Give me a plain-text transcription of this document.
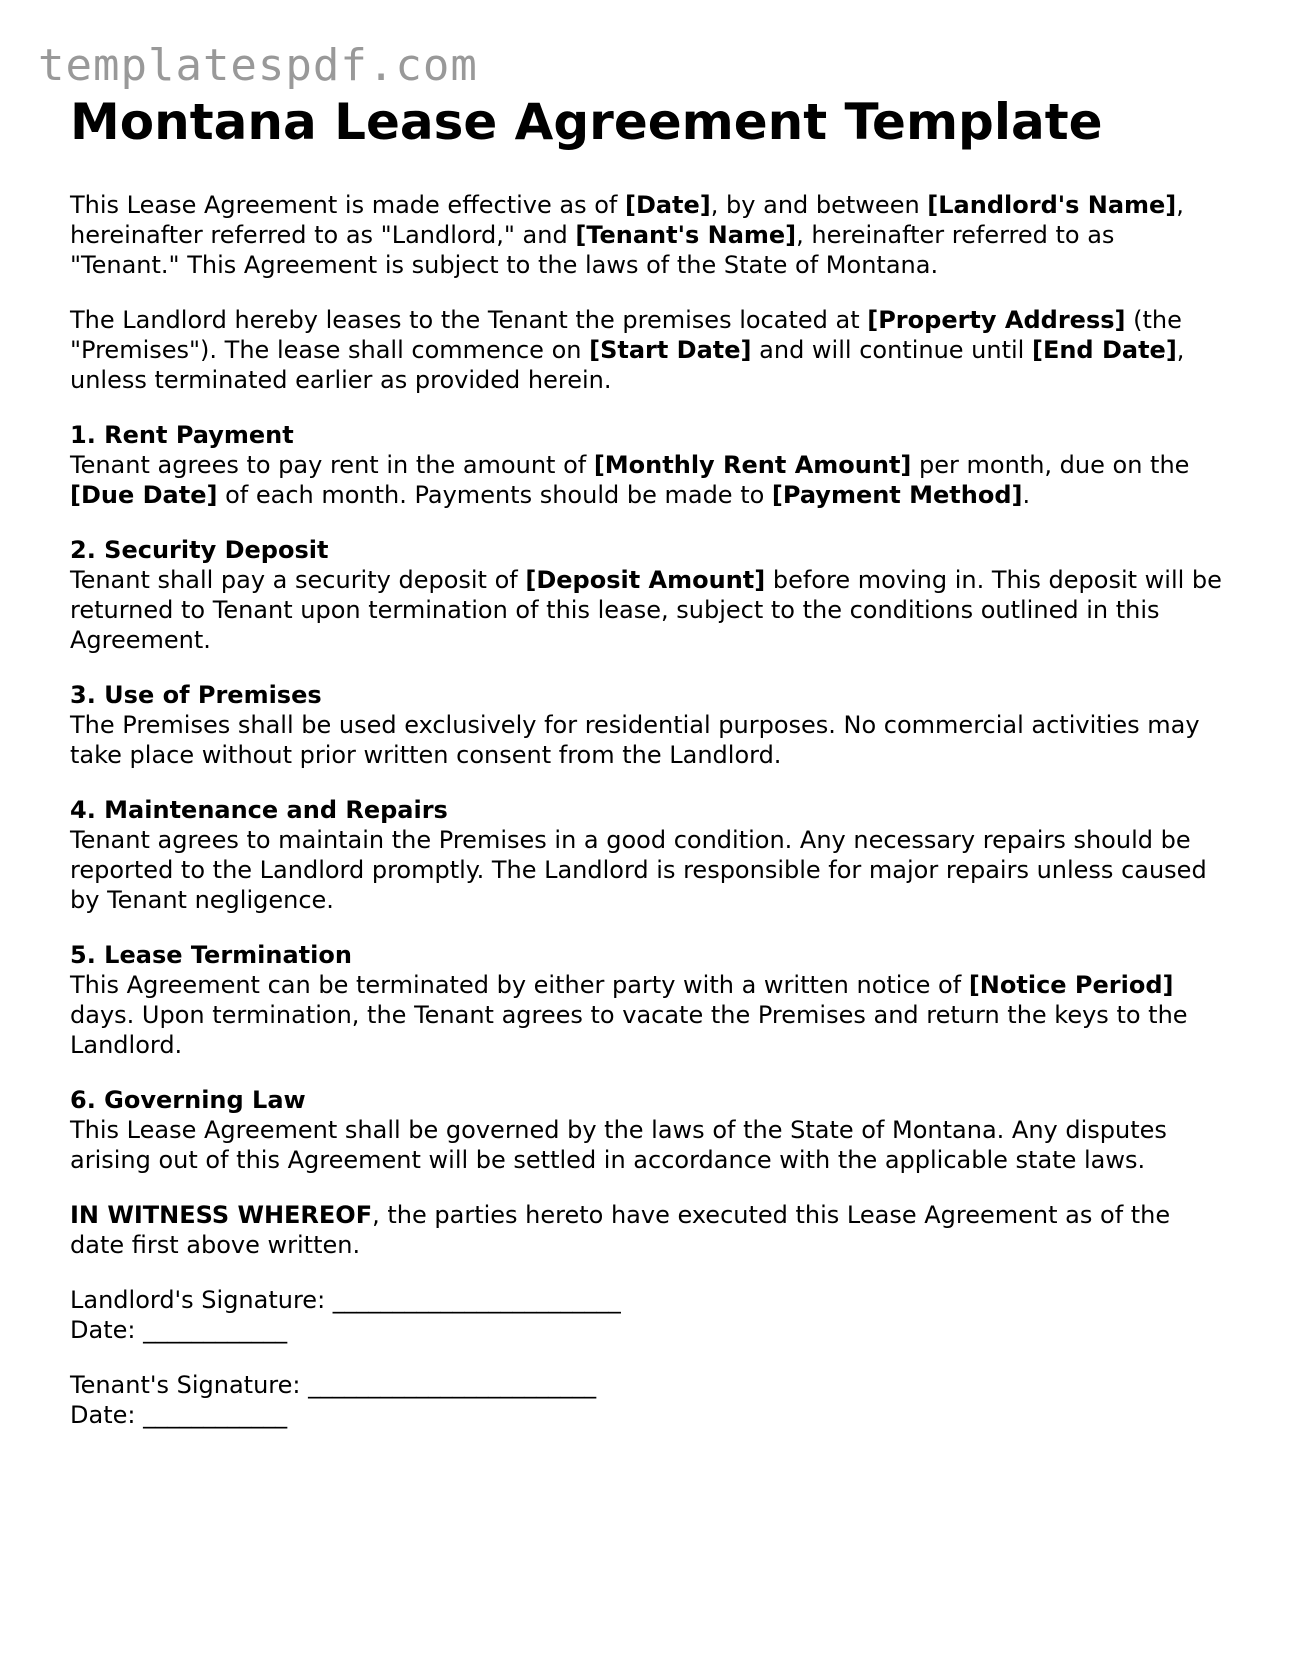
templatespdf.com
Montana Lease Agreement Template

This Lease Agreement is made effective as of [Date], by and between [Landlord's Name], hereinafter referred to as "Landlord," and [Tenant's Name], hereinafter referred to as "Tenant." This Agreement is subject to the laws of the State of Montana.

The Landlord hereby leases to the Tenant the premises located at [Property Address] (the "Premises"). The lease shall commence on [Start Date] and will continue until [End Date], unless terminated earlier as provided herein.

1. Rent Payment

Tenant agrees to pay rent in the amount of [Monthly Rent Amount] per month, due on the [Due Date] of each month. Payments should be made to [Payment Method].

2. Security Deposit

Tenant shall pay a security deposit of [Deposit Amount] before moving in. This deposit will be returned to Tenant upon termination of this lease, subject to the conditions outlined in this Agreement.

3. Use of Premises

The Premises shall be used exclusively for residential purposes. No commercial activities may take place without prior written consent from the Landlord.

4. Maintenance and Repairs

Tenant agrees to maintain the Premises in a good condition. Any necessary repairs should be reported to the Landlord promptly. The Landlord is responsible for major repairs unless caused by Tenant negligence.

5. Lease Termination

This Agreement can be terminated by either party with a written notice of [Notice Period] days. Upon termination, the Tenant agrees to vacate the Premises and return the keys to the Landlord.

6. Governing Law

This Lease Agreement shall be governed by the laws of the State of Montana. Any disputes arising out of this Agreement will be settled in accordance with the applicable state laws.

IN WITNESS WHEREOF, the parties hereto have executed this Lease Agreement as of the date first above written.

Landlord's Signature: ________________________
Date: ____________
Tenant's Signature: ________________________
Date: ____________
